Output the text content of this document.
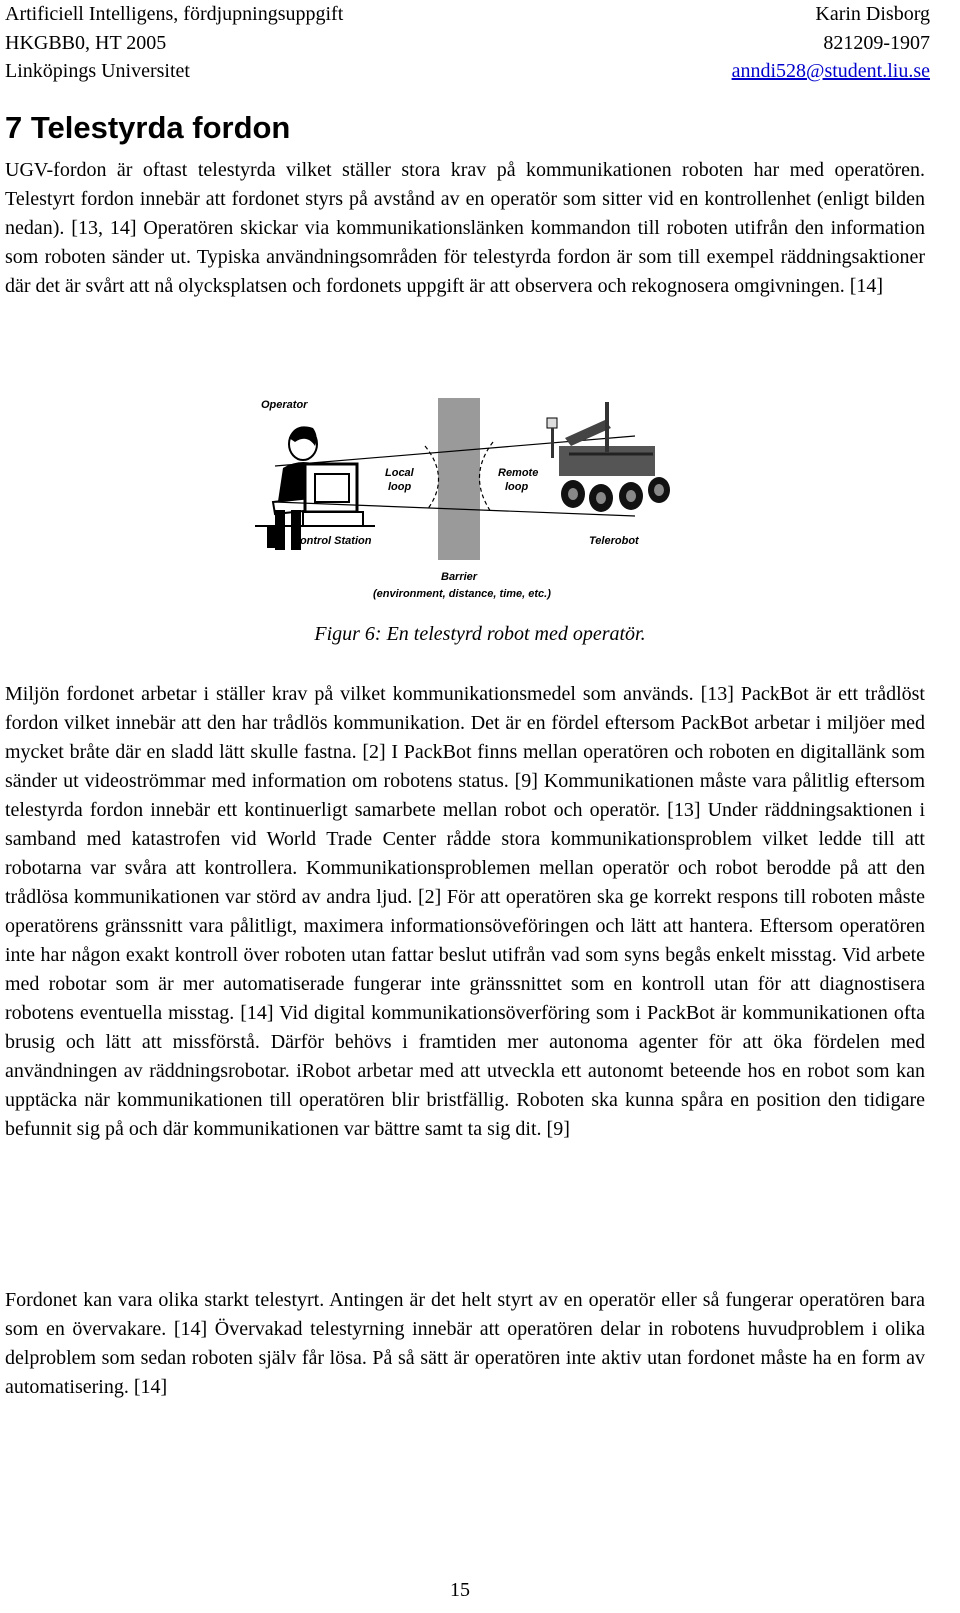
Artificiell Intelligens, fördjupningsuppgift
HKGBB0, HT 2005
Linköpings Universitet
Karin Disborg
821209-1907
anndi528@student.liu.se
7 Telestyrda fordon

UGV-fordon är oftast telestyrda vilket ställer stora krav på kommunikationen roboten har med operatören. Telestyrt fordon innebär att fordonet styrs på avstånd av en operatör som sitter vid en kontrollenhet (enligt bilden nedan). [13, 14] Operatören skickar via kommunikationslänken kommandon till roboten utifrån den information som roboten sänder ut. Typiska användningsområden för telestyrda fordon är som till exempel räddningsaktioner där det är svårt att nå olycksplatsen och fordonets uppgift är att observera och rekognosera omgivningen. [14]

Operator
Local
loop
Remote
loop
Control Station	Telerobot
Barrier
(environment, distance, time, etc.)
Figur 6: En telestyrd robot med operatör.

Miljön fordonet arbetar i ställer krav på vilket kommunikationsmedel som används. [13] PackBot är ett trådlöst fordon vilket innebär att den har trådlös kommunikation. Det är en fördel eftersom PackBot arbetar i miljöer med mycket bråte där en sladd lätt skulle fastna. [2] I PackBot finns mellan operatören och roboten en digitallänk som sänder ut videoströmmar med information om robotens status. [9] Kommunikationen måste vara pålitlig eftersom telestyrda fordon innebär ett kontinuerligt samarbete mellan robot och operatör. [13] Under räddningsaktionen i samband med katastrofen vid World Trade Center rådde stora kommunikationsproblem vilket ledde till att robotarna var svåra att kontrollera. Kommunikationsproblemen mellan operatör och robot berodde på att den trådlösa kommunikationen var störd av andra ljud. [2] För att operatören ska ge korrekt respons till roboten måste operatörens gränssnitt vara pålitligt, maximera informationsöveföringen och lätt att hantera. Eftersom operatören inte har någon exakt kontroll över roboten utan fattar beslut utifrån vad som syns begås enkelt misstag. Vid arbete med robotar som är mer automatiserade fungerar inte gränssnittet som en kontroll utan för att diagnostisera robotens eventuella misstag. [14] Vid digital kommunikationsöverföring som i PackBot är kommunikationen ofta brusig och lätt att missförstå. Därför behövs i framtiden mer autonoma agenter för att öka fördelen med användningen av räddningsrobotar. iRobot arbetar med att utveckla ett autonomt beteende hos en robot som kan upptäcka när kommunikationen till operatören blir bristfällig. Roboten ska kunna spåra en position den tidigare befunnit sig på och där kommunikationen var bättre samt ta sig dit. [9]

Fordonet kan vara olika starkt telestyrt. Antingen är det helt styrt av en operatör eller så fungerar operatören bara som en övervakare. [14] Övervakad telestyrning innebär att operatören delar in robotens huvudproblem i olika delproblem som sedan roboten själv får lösa. På så sätt är operatören inte aktiv utan fordonet måste ha en form av automatisering. [14]

15
